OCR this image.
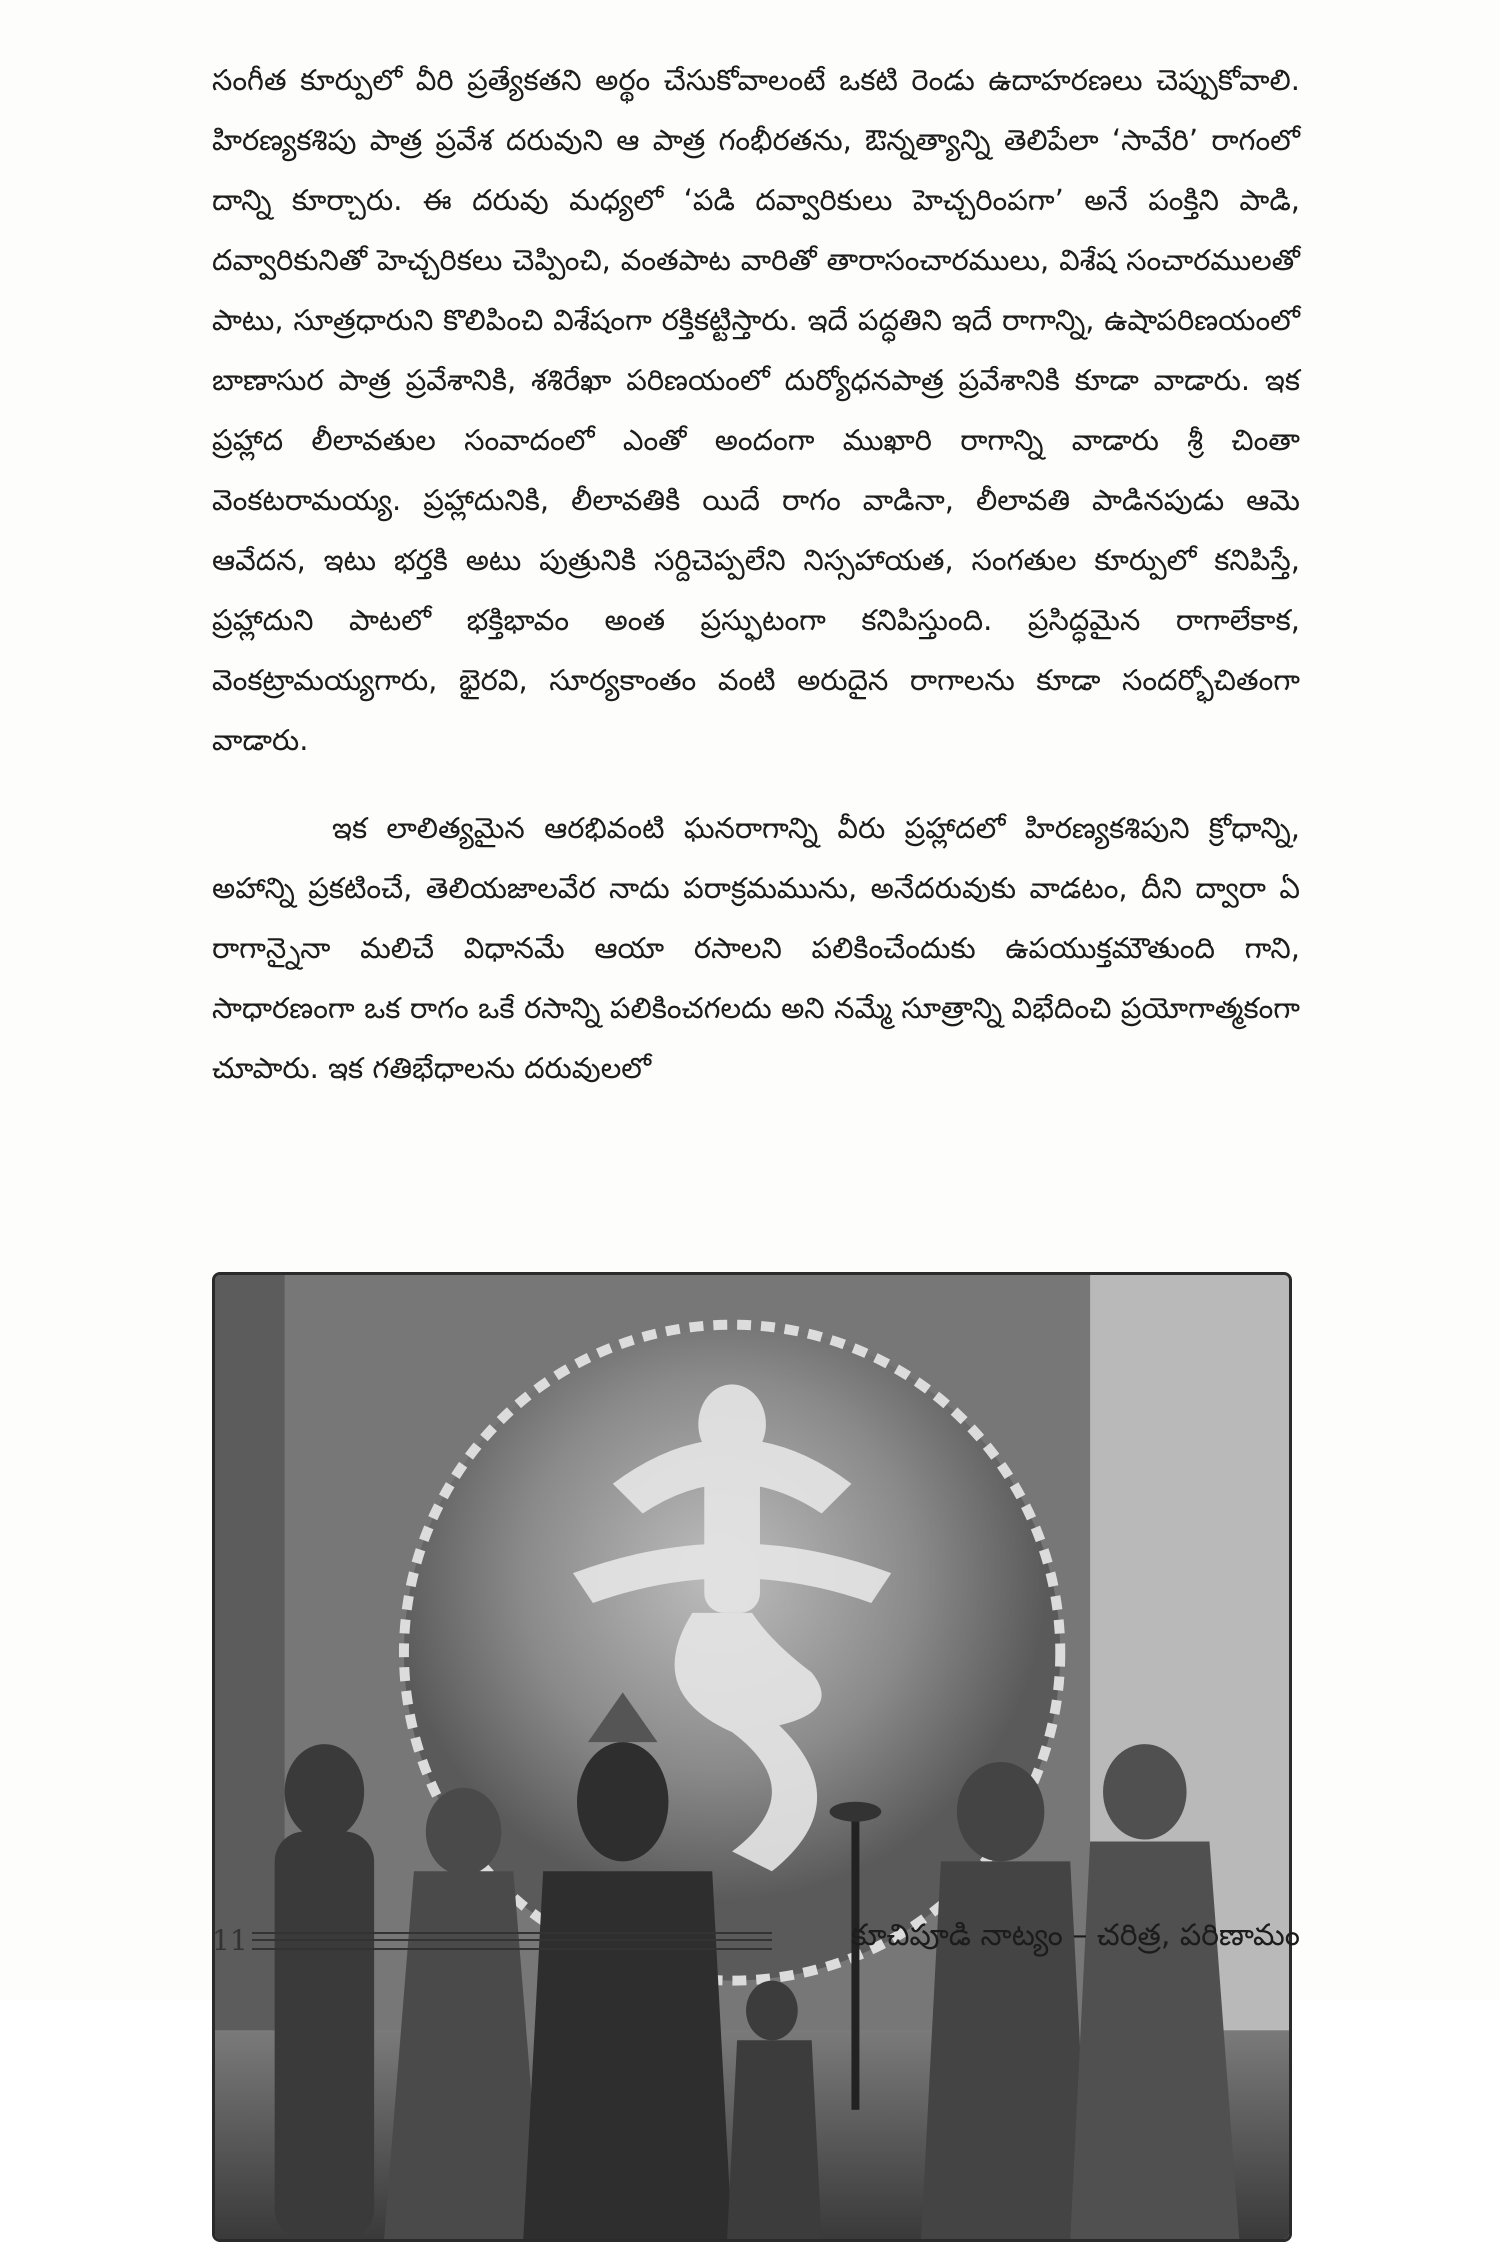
సంగీత కూర్పులో వీరి ప్రత్యేకతని అర్థం చేసుకోవాలంటే ఒకటి రెండు ఉదాహరణలు చెప్పుకోవాలి. హిరణ్యకశిపు పాత్ర ప్రవేశ దరువుని ఆ పాత్ర గంభీరతను, ఔన్నత్యాన్ని తెలిపేలా ‘సావేరి’ రాగంలో దాన్ని కూర్చారు. ఈ దరువు మధ్యలో ‘పడి దవ్వారికులు హెచ్చరింపగా’ అనే పంక్తిని పాడి, దవ్వారికునితో హెచ్చరికలు చెప్పించి, వంతపాట వారితో తారాసంచారములు, విశేష సంచారములతో పాటు, సూత్రధారుని కొలిపించి విశేషంగా రక్తికట్టిస్తారు. ఇదే పద్ధతిని ఇదే రాగాన్ని, ఉషాపరిణయంలో బాణాసుర పాత్ర ప్రవేశానికి, శశిరేఖా పరిణయంలో దుర్యోధనపాత్ర ప్రవేశానికి కూడా వాడారు. ఇక ప్రహ్లాద లీలావతుల సంవాదంలో ఎంతో అందంగా ముఖారి రాగాన్ని వాడారు శ్రీ చింతా వెంకటరామయ్య. ప్రహ్లాదునికి, లీలావతికి యిదే రాగం వాడినా, లీలావతి పాడినపుడు ఆమె ఆవేదన, ఇటు భర్తకి అటు పుత్రునికి సర్దిచెప్పలేని నిస్సహాయత, సంగతుల కూర్పులో కనిపిస్తే, ప్రహ్లాదుని పాటలో భక్తిభావం అంత ప్రస్ఫుటంగా కనిపిస్తుంది. ప్రసిద్ధమైన రాగాలేకాక, వెంకట్రామయ్యగారు, భైరవి, సూర్యకాంతం వంటి అరుదైన రాగాలను కూడా సందర్భోచితంగా వాడారు.

ఇక లాలిత్యమైన ఆరభివంటి ఘనరాగాన్ని వీరు ప్రహ్లాదలో హిరణ్యకశిపుని క్రోధాన్ని, అహాన్ని ప్రకటించే, తెలియజాలవేర నాదు పరాక్రమమును, అనేదరువుకు వాడటం, దీని ద్వారా ఏ రాగాన్నైనా మలిచే విధానమే ఆయా రసాలని పలికించేందుకు ఉపయుక్తమౌతుంది గాని, సాధారణంగా ఒక రాగం ఒకే రసాన్ని పలికించగలదు అని నమ్మే సూత్రాన్ని విభేదించి ప్రయోగాత్మకంగా చూపారు. ఇక గతిభేధాలను దరువులలో

11	కూచిపూడి నాట్యం – చరిత్ర, పరిణామం
